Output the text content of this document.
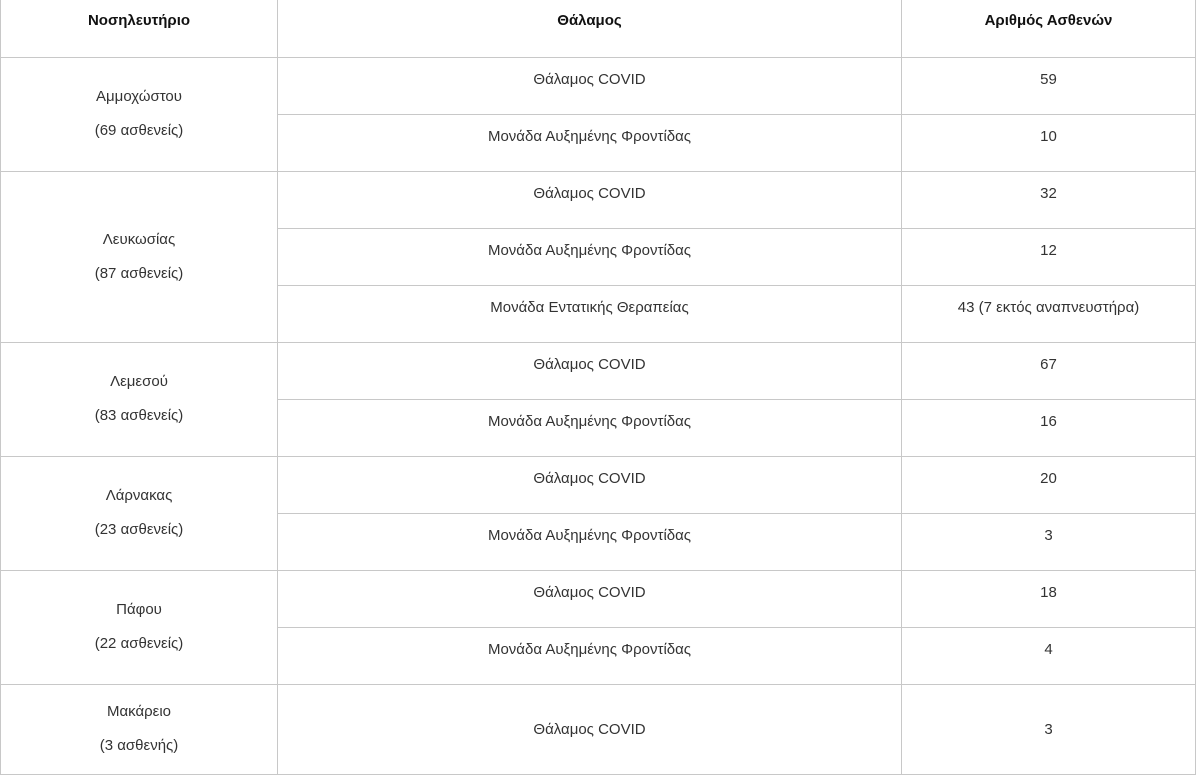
Νοσηλευτήριο	Θάλαμος	Αριθμός Ασθενών

Αμμοχώστου
(69 ασθενείς)	Θάλαμος COVID	59
	Μονάδα Αυξημένης Φροντίδας	10

Λευκωσίας
(87 ασθενείς)	Θάλαμος COVID	32
	Μονάδα Αυξημένης Φροντίδας	12
	Μονάδα Εντατικής Θεραπείας	43 (7 εκτός αναπνευστήρα)

Λεμεσού
(83 ασθενείς)	Θάλαμος COVID	67
	Μονάδα Αυξημένης Φροντίδας	16

Λάρνακας
(23 ασθενείς)	Θάλαμος COVID	20
	Μονάδα Αυξημένης Φροντίδας	3

Πάφου
(22 ασθενείς)	Θάλαμος COVID	18
	Μονάδα Αυξημένης Φροντίδας	4

Μακάρειο
(3 ασθενής)	Θάλαμος COVID	3
